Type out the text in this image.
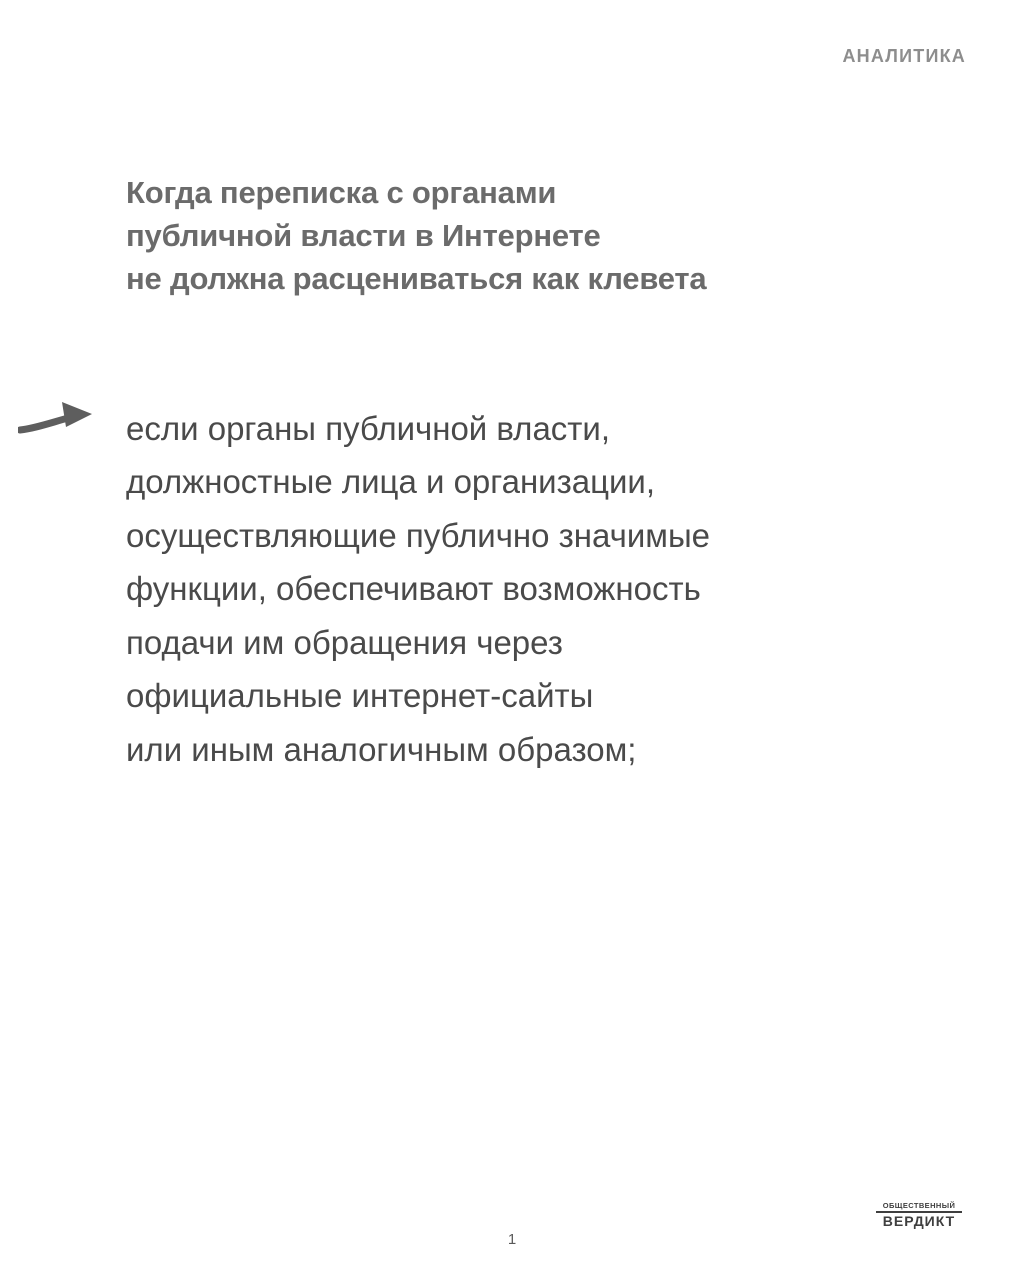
АНАЛИТИКА
Когда переписка с органами
публичной власти в Интернете
не должна расцениваться как клевета
если органы публичной власти,
должностные лица и организации,
осуществляющие публично значимые
функции, обеспечивают возможность
подачи им обращения через
официальные интернет-сайты
или иным аналогичным образом;
ОБЩЕСТВЕННЫЙ
ВЕРДИКТ
1
